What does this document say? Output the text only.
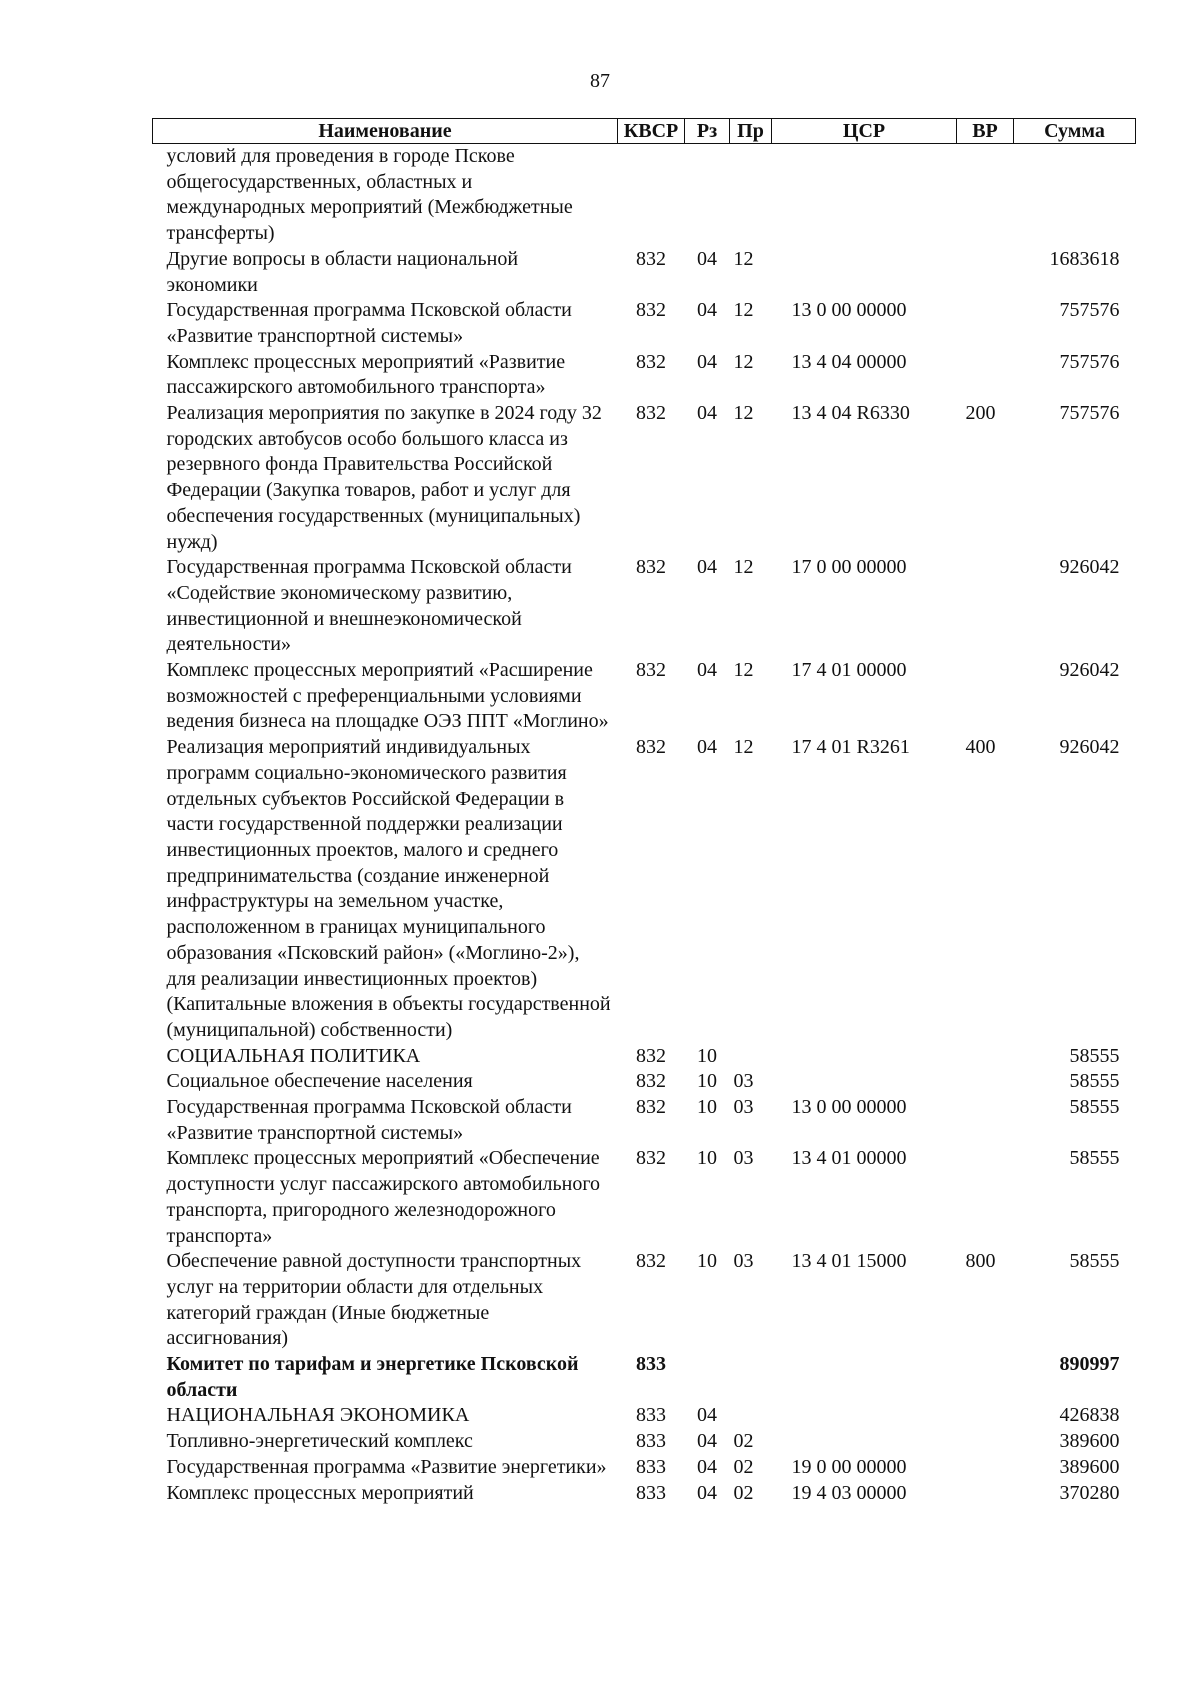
87
Наименование	КВСР	Рз	Пр	ЦСР	ВР	Сумма
условий для проведения в городе Пскове общегосударственных, областных и международных мероприятий (Межбюджетные трансферты)						
Другие вопросы в области национальной экономики	832	04	12			1683618
Государственная программа Псковской области «Развитие транспортной системы»	832	04	12	13 0 00 00000		757576
Комплекс процессных мероприятий «Развитие пассажирского автомобильного транспорта»	832	04	12	13 4 04 00000		757576
Реализация мероприятия по закупке в 2024 году 32 городских автобусов особо большого класса из резервного фонда Правительства Российской Федерации (Закупка товаров, работ и услуг для обеспечения государственных (муниципальных) нужд)	832	04	12	13 4 04 R6330	200	757576
Государственная программа Псковской области «Содействие экономическому развитию, инвестиционной и внешнеэкономической деятельности»	832	04	12	17 0 00 00000		926042
Комплекс процессных мероприятий «Расширение возможностей с преференциальными условиями ведения бизнеса на площадке ОЭЗ ППТ «Моглино»	832	04	12	17 4 01 00000		926042
Реализация мероприятий индивидуальных программ социально-экономического развития отдельных субъектов Российской Федерации в части государственной поддержки реализации инвестиционных проектов, малого и среднего предпринимательства (создание инженерной инфраструктуры на земельном участке, расположенном в границах муниципального образования «Псковский район» («Моглино-2»), для реализации инвестиционных проектов) (Капитальные вложения в объекты государственной (муниципальной) собственности)	832	04	12	17 4 01 R3261	400	926042
СОЦИАЛЬНАЯ ПОЛИТИКА	832	10				58555
Социальное обеспечение населения	832	10	03			58555
Государственная программа Псковской области «Развитие транспортной системы»	832	10	03	13 0 00 00000		58555
Комплекс процессных мероприятий «Обеспечение доступности услуг пассажирского автомобильного транспорта, пригородного железнодорожного транспорта»	832	10	03	13 4 01 00000		58555
Обеспечение равной доступности транспортных услуг на территории области для отдельных категорий граждан (Иные бюджетные ассигнования)	832	10	03	13 4 01 15000	800	58555
Комитет по тарифам и энергетике Псковской области	833					890997
НАЦИОНАЛЬНАЯ ЭКОНОМИКА	833	04				426838
Топливно-энергетический комплекс	833	04	02			389600
Государственная программа «Развитие энергетики»	833	04	02	19 0 00 00000		389600
Комплекс процессных мероприятий	833	04	02	19 4 03 00000		370280
